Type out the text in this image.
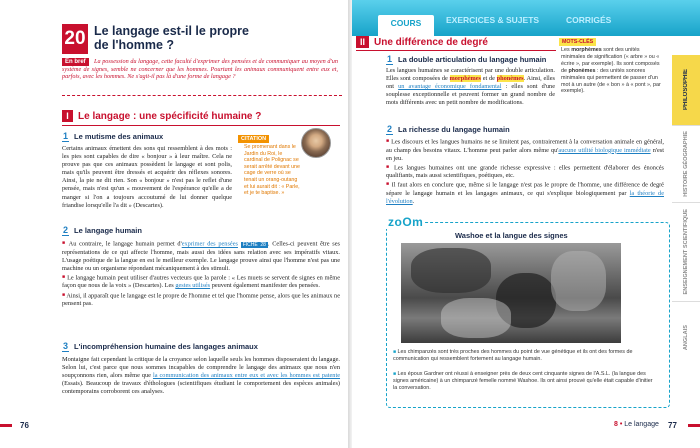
20 Le langage est-il le propre
de l'homme ?
En bref	La possession du langage, cette faculté d'exprimer des pensées et de communiquer au moyen d'un système de signes, semble ne concerner que les hommes. Pourtant les animaux communiquent entre eux et, parfois, avec les hommes. Ne s'agit-il pas là d'une forme de langage ?

I Le langage : une spécificité humaine ?
1 Le mutisme des animaux

Certains animaux émettent des sons qui ressemblent à des mots : les pies sont capables de dire « bonjour » à leur maître. Cela ne prouve pas que ces animaux possèdent le langage et sont polis, mais qu'ils peuvent être dressés et acquérir des réflexes sonores. Ainsi, la pie ne dit rien. Son « bonjour » n'est pas le reflet d'une pensée, mais n'est qu'un « mouvement de l'espérance qu'elle a de manger si l'on a toujours accoutumé de lui donner quelque friandise lorsqu'elle l'a dit » (Descartes).

CITATION

Se promenant dans le Jardin du Roi, le cardinal de Polignac se serait arrêté devant une cage de verre où se tenait un orang-outang et lui aurait dit : « Parle, et je te baptise. »

2 Le langage humain

■ Au contraire, le langage humain permet d'exprimer des pensées FICHE 28 . Celles-ci peuvent être ses représentations de ce qui affecte l'homme, mais aussi des idées sans relation avec ses impératifs vitaux. L'usage poétique de la langue en est le meilleur exemple. Le langage prouve ainsi que l'homme n'est pas une machine ou un organisme répondant mécaniquement à des stimuli.

■ Le langage humain peut utiliser d'autres vecteurs que la parole : « Les muets se servent de signes en même façon que nous de la voix » (Descartes). Les gestes utilisés peuvent également manifester des pensées.

■ Ainsi, il apparaît que le langage est le propre de l'homme et tel que l'homme pense, alors que les animaux ne pensent pas.

3 L'incompréhension humaine des langages animaux

Montaigne fait cependant la critique de la croyance selon laquelle seuls les hommes disposeraient du langage. Selon lui, c'est parce que nous sommes incapables de comprendre le langage des animaux que nous n'en soupçonnons rien, alors même que la communication des animaux entre eux et avec les hommes est patente (Essais). Beaucoup de travaux d'éthologues (scientifiques étudiant le comportement des espèces animales) contemporains corroborent ces analyses.

76
COURS	EXERCICES & SUJETS	CORRIGÉS
II Une différence de degré
1 La double articulation du langage humain

Les langues humaines se caractérisent par une double articulation. Elles sont composées de morphèmes et de phonèmes. Ainsi, elles ont un avantage économique fondamental : elles sont d'une souplesse exceptionnelle et peuvent former un grand nombre de mots différents avec un petit nombre de modifications.

MOTS-CLÉS

Les morphèmes sont des unités minimales de signification (« arbre » ou « écrire », par exemple). Ils sont composés de phonèmes : des unités sonores minimales qui permettent de passer d'un mot à un autre (de « bon » à « pont », par exemple).

2 La richesse du langage humain

■ Les discours et les langues humains ne se limitent pas, contrairement à la conversation animale en général, au champ des besoins vitaux. L'homme peut parler alors même qu'aucune utilité biologique immédiate n'est en jeu.

■ Les langues humaines ont une grande richesse expressive : elles permettent d'élaborer des énoncés qualifiants, mais aussi scientifiques, poétiques, etc.

■ Il faut alors en conclure que, même si le langage n'est pas le propre de l'homme, une différence de degré sépare le langage humain et les langages animaux, ce qui s'explique biologiquement par la théorie de l'évolution.

zoOm
Washoe et la langue des signes

■ Les chimpanzés sont très proches des hommes du point de vue génétique et ils ont des formes de communication qui ressemblent fortement au langage humain.

■ Les époux Gardner ont réussi à enseigner près de deux cent cinquante signes de l'A.S.L. (la langue des signes américaine) à un chimpanzé femelle nommé Washoe. Ils ont ainsi prouvé qu'elle était capable d'initier la conversation.

PHILOSOPHIE
HISTOIRE GÉOGRAPHIE
ENSEIGNEMENT SCIENTIFIQUE
ANGLAIS
8 • Le langage 77
